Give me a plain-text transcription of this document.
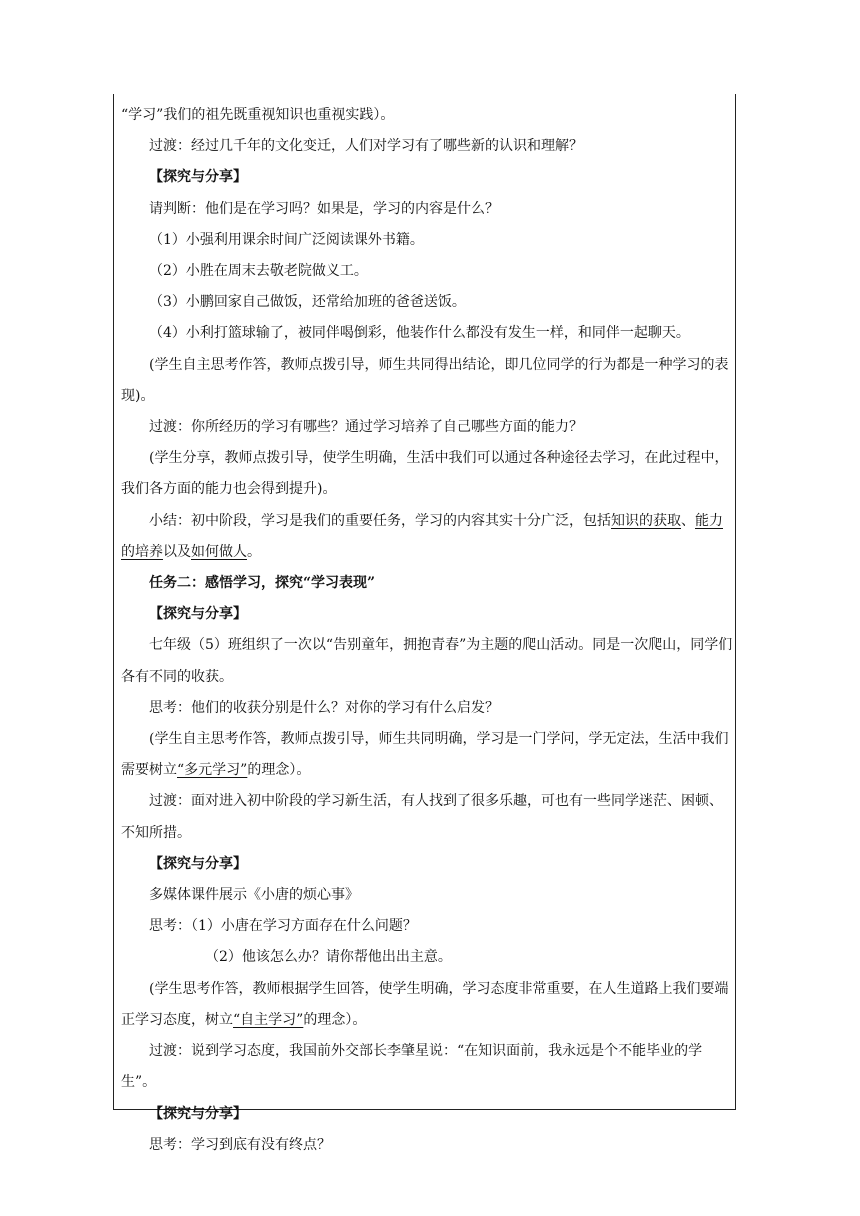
“学习”我们的祖先既重视知识也重视实践）。

过渡：经过几千年的文化变迁，人们对学习有了哪些新的认识和理解？

【探究与分享】

请判断：他们是在学习吗？如果是，学习的内容是什么？

（1）小强利用课余时间广泛阅读课外书籍。

（2）小胜在周末去敬老院做义工。

（3）小鹏回家自己做饭，还常给加班的爸爸送饭。

（4）小利打篮球输了，被同伴喝倒彩，他装作什么都没有发生一样，和同伴一起聊天。

(学生自主思考作答，教师点拨引导，师生共同得出结论，即几位同学的行为都是一种学习的表现)。

过渡：你所经历的学习有哪些？通过学习培养了自己哪些方面的能力？

(学生分享，教师点拨引导，使学生明确，生活中我们可以通过各种途径去学习，在此过程中，我们各方面的能力也会得到提升)。

小结：初中阶段，学习是我们的重要任务，学习的内容其实十分广泛，包括知识的获取、能力的培养以及如何做人。

任务二：感悟学习，探究“学习表现”

【探究与分享】

七年级（5）班组织了一次以“告别童年，拥抱青春”为主题的爬山活动。同是一次爬山，同学们各有不同的收获。

思考：他们的收获分别是什么？对你的学习有什么启发？

(学生自主思考作答，教师点拨引导，师生共同明确，学习是一门学问，学无定法，生活中我们需要树立“多元学习”的理念）。

过渡：面对进入初中阶段的学习新生活，有人找到了很多乐趣，可也有一些同学迷茫、困顿、不知所措。

【探究与分享】

多媒体课件展示《小唐的烦心事》

思考：（1）小唐在学习方面存在什么问题？

（2）他该怎么办？请你帮他出出主意。

(学生思考作答，教师根据学生回答，使学生明确，学习态度非常重要，在人生道路上我们要端正学习态度，树立“自主学习”的理念）。

过渡：说到学习态度，我国前外交部长李肇星说：“在知识面前，我永远是个不能毕业的学生”。

【探究与分享】

思考：学习到底有没有终点？
